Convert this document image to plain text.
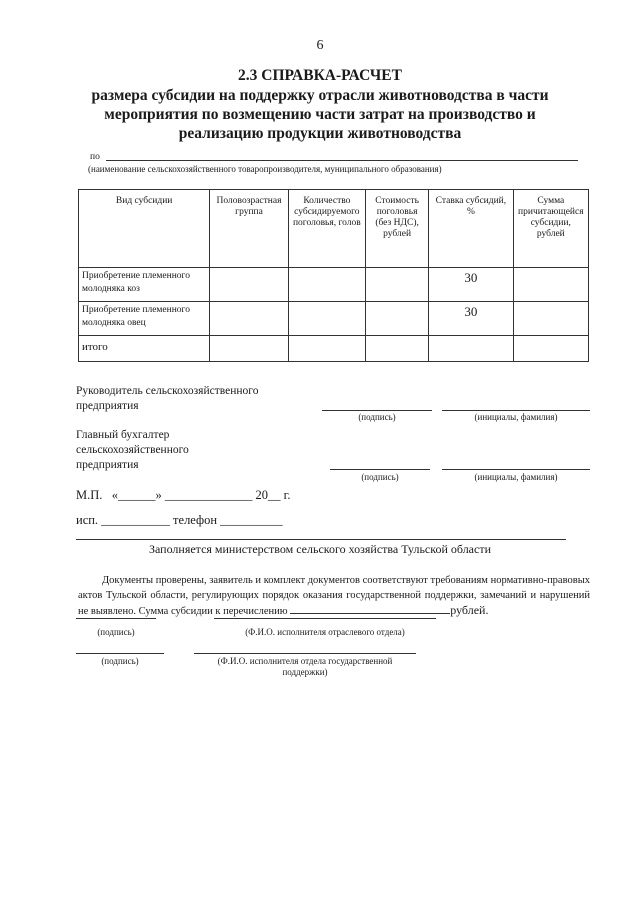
6
2.3 СПРАВКА-РАСЧЕТ
размера субсидии на поддержку отрасли животноводства в части мероприятия по возмещению части затрат на производство и реализацию продукции животноводства
по
(наименование сельскохозяйственного товаропроизводителя, муниципального образования)
Вид субсидии	Половозрастная группа	Количество субсидируемого поголовья, голов	Стоимость поголовья (без НДС), рублей	Ставка субсидий, %	Сумма причитающейся субсидии, рублей
Приобретение племенного молодняка коз				30	
Приобретение племенного молодняка овец				30	
итого					
Руководитель сельскохозяйственного предприятия
(подпись)	(инициалы, фамилия)
Главный бухгалтер сельскохозяйственного предприятия
(подпись)	(инициалы, фамилия)
М.П.   «______» ______________ 20__ г.
исп. ___________ телефон __________
Заполняется министерством сельского хозяйства Тульской области
Документы проверены, заявитель и комплект документов соответствуют требованиям нормативно-правовых актов Тульской области, регулирующих порядок оказания государственной поддержки, замечаний и нарушений не выявлено. Сумма субсидии к перечислению	рублей.
(подпись)	(Ф.И.О. исполнителя отраслевого отдела)
(подпись)	(Ф.И.О. исполнителя отдела государственной поддержки)
